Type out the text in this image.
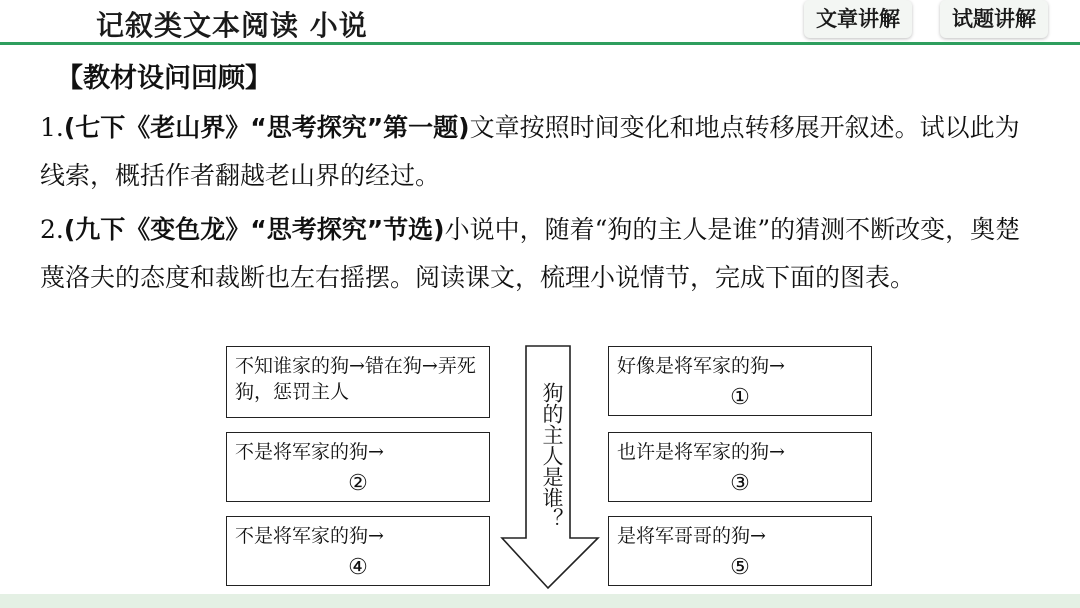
记叙类文本阅读 小说	文章讲解	试题讲解
【教材设问回顾】
1.(七下《老山界》“思考探究”第一题)文章按照时间变化和地点转移展开叙述。试以此为线索，概括作者翻越老山界的经过。
2.(九下《变色龙》“思考探究”节选)小说中，随着“狗的主人是谁”的猜测不断改变，奥楚蔑洛夫的态度和裁断也左右摇摆。阅读课文，梳理小说情节，完成下面的图表。
不知谁家的狗→错在狗→弄死狗，惩罚主人
不是将军家的狗→
②
不是将军家的狗→
④
狗的主人是谁？
好像是将军家的狗→
①
也许是将军家的狗→
③
是将军哥哥的狗→
⑤
